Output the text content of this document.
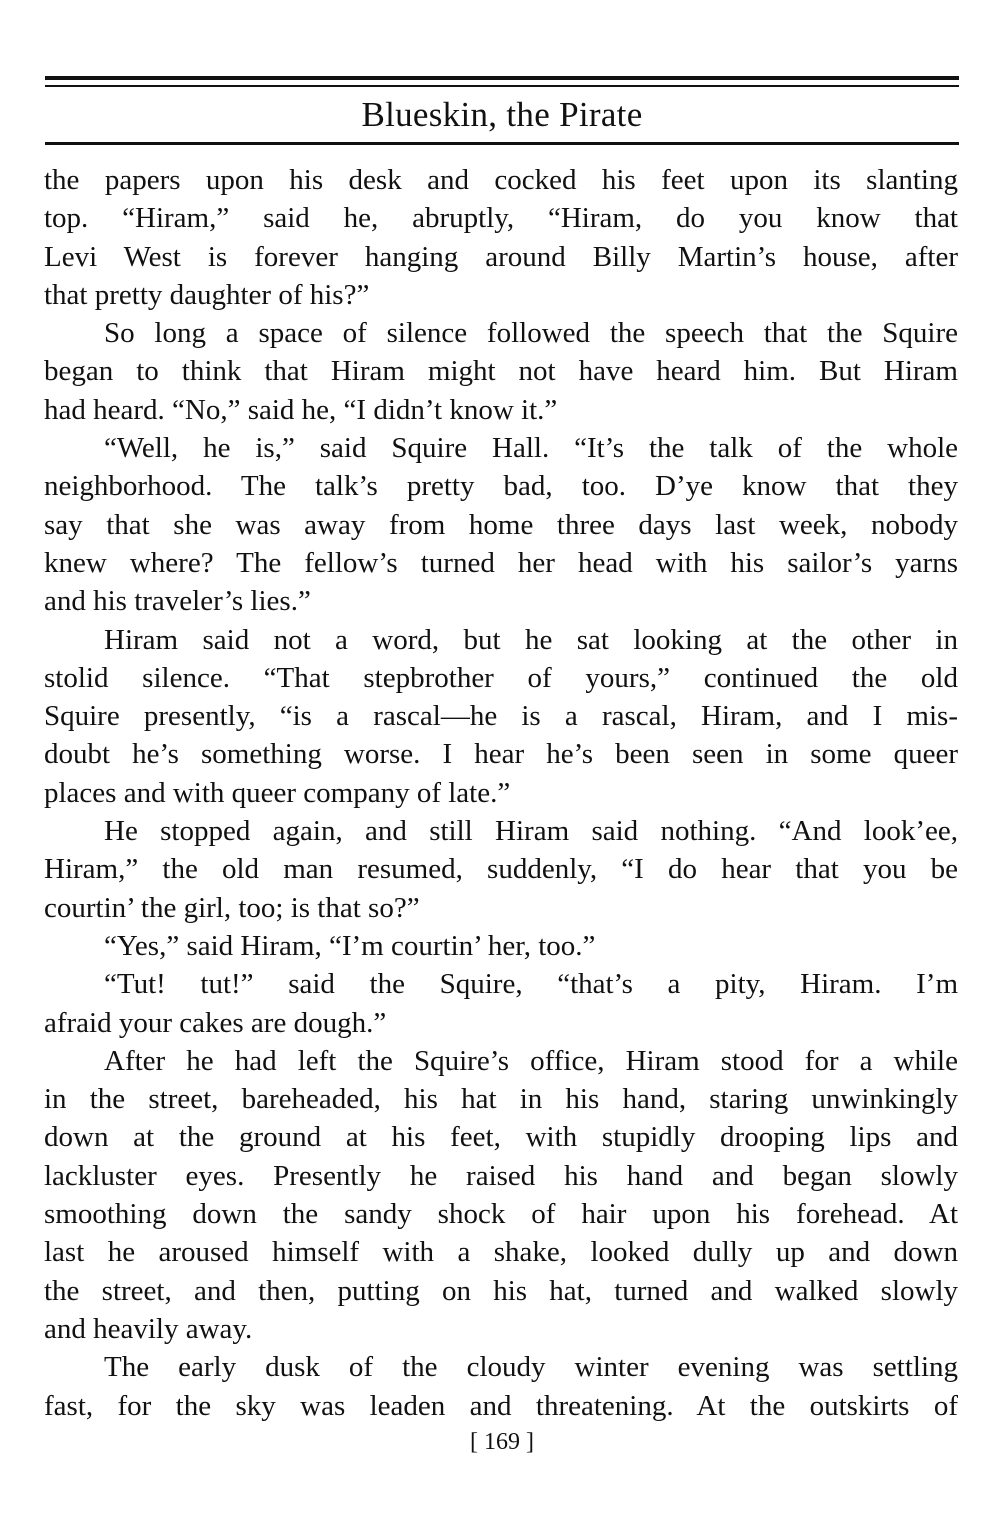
Blueskin, the Pirate
the papers upon his desk and cocked his feet upon its slanting
top. “Hiram,” said he, abruptly, “Hiram, do you know that
Levi West is forever hanging around Billy Martin’s house, after
that pretty daughter of his?”
So long a space of silence followed the speech that the Squire
began to think that Hiram might not have heard him. But Hiram
had heard. “No,” said he, “I didn’t know it.”
“Well, he is,” said Squire Hall. “It’s the talk of the whole
neighborhood. The talk’s pretty bad, too. D’ye know that they
say that she was away from home three days last week, nobody
knew where? The fellow’s turned her head with his sailor’s yarns
and his traveler’s lies.”
Hiram said not a word, but he sat looking at the other in
stolid silence. “That stepbrother of yours,” continued the old
Squire presently, “is a rascal—he is a rascal, Hiram, and I mis-
doubt he’s something worse. I hear he’s been seen in some queer
places and with queer company of late.”
He stopped again, and still Hiram said nothing. “And look’ee,
Hiram,” the old man resumed, suddenly, “I do hear that you be
courtin’ the girl, too; is that so?”
“Yes,” said Hiram, “I’m courtin’ her, too.”
“Tut! tut!” said the Squire, “that’s a pity, Hiram. I’m
afraid your cakes are dough.”
After he had left the Squire’s office, Hiram stood for a while
in the street, bareheaded, his hat in his hand, staring unwinkingly
down at the ground at his feet, with stupidly drooping lips and
lackluster eyes. Presently he raised his hand and began slowly
smoothing down the sandy shock of hair upon his forehead. At
last he aroused himself with a shake, looked dully up and down
the street, and then, putting on his hat, turned and walked slowly
and heavily away.
The early dusk of the cloudy winter evening was settling
fast, for the sky was leaden and threatening. At the outskirts of
[ 169 ]
